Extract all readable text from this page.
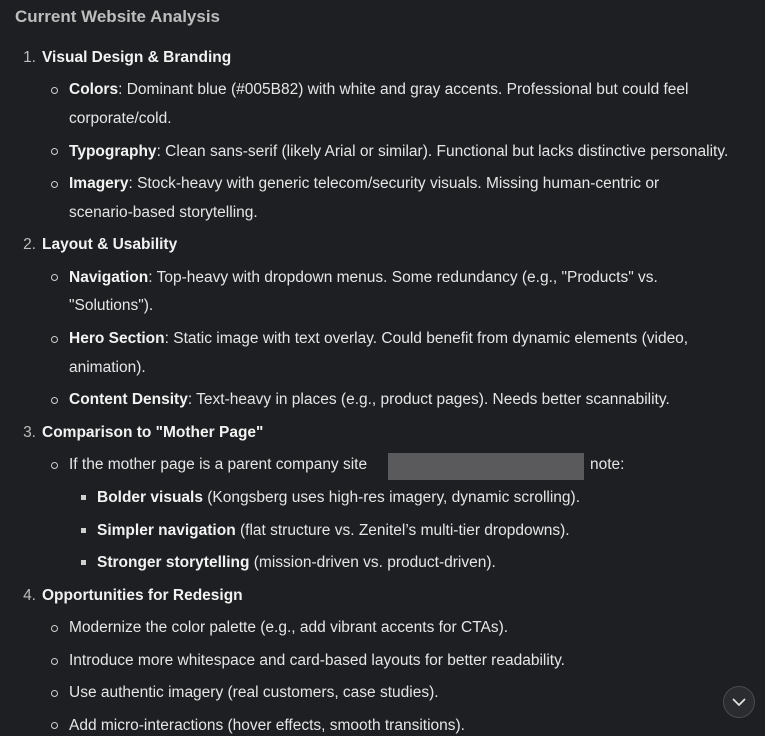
Current Website Analysis
1. Visual Design & Branding
Colors: Dominant blue (#005B82) with white and gray accents. Professional but could feel
corporate/cold.
Typography: Clean sans-serif (likely Arial or similar). Functional but lacks distinctive personality.
Imagery: Stock-heavy with generic telecom/security visuals. Missing human-centric or
scenario-based storytelling.
2. Layout & Usability
Navigation: Top-heavy with dropdown menus. Some redundancy (e.g., "Products" vs.
"Solutions").
Hero Section: Static image with text overlay. Could benefit from dynamic elements (video,
animation).
Content Density: Text-heavy in places (e.g., product pages). Needs better scannability.
3. Comparison to "Mother Page"
If the mother page is a parent company site	note:
Bolder visuals (Kongsberg uses high-res imagery, dynamic scrolling).
Simpler navigation (flat structure vs. Zenitel’s multi-tier dropdowns).
Stronger storytelling (mission-driven vs. product-driven).
4. Opportunities for Redesign
Modernize the color palette (e.g., add vibrant accents for CTAs).
Introduce more whitespace and card-based layouts for better readability.
Use authentic imagery (real customers, case studies).
Add micro-interactions (hover effects, smooth transitions).
